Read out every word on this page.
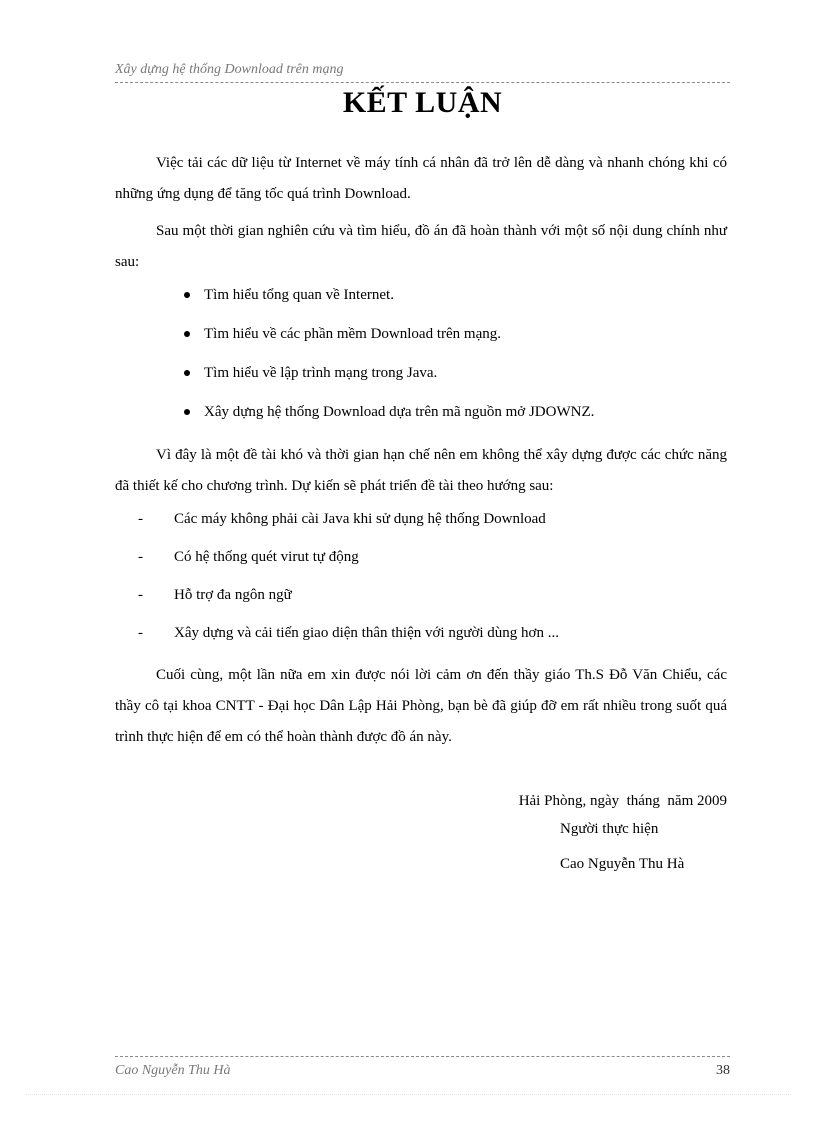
Xây dựng hệ thống Download trên mạng
KẾT LUẬN

Việc tải các dữ liệu từ Internet về máy tính cá nhân đã trở lên dễ dàng và nhanh chóng khi có những ứng dụng để tăng tốc quá trình Download.

Sau một thời gian nghiên cứu và tìm hiểu, đồ án đã hoàn thành với một số nội dung chính như sau:

Tìm hiểu tổng quan về Internet.
Tìm hiểu về các phần mềm Download trên mạng.
Tìm hiểu về lập trình mạng trong Java.
Xây dựng hệ thống Download dựa trên mã nguồn mở JDOWNZ.

Vì đây là một đề tài khó và thời gian hạn chế nên em không thể xây dựng được các chức năng đã thiết kế cho chương trình. Dự kiến sẽ phát triển đề tài theo hướng sau:

- Các máy không phải cài Java khi sử dụng hệ thống Download
- Có hệ thống quét virut tự động
- Hỗ trợ đa ngôn ngữ
- Xây dựng và cải tiến giao diện thân thiện với người dùng hơn ...

Cuối cùng, một lần nữa em xin được nói lời cảm ơn đến thầy giáo Th.S Đỗ Văn Chiểu, các thầy cô tại khoa CNTT - Đại học Dân Lập Hải Phòng, bạn bè đã giúp đỡ em rất nhiều trong suốt quá trình thực hiện để em có thể hoàn thành được đồ án này.

Hải Phòng, ngày  tháng  năm 2009
Người thực hiện
Cao Nguyễn Thu Hà
Cao Nguyễn Thu Hà	38
